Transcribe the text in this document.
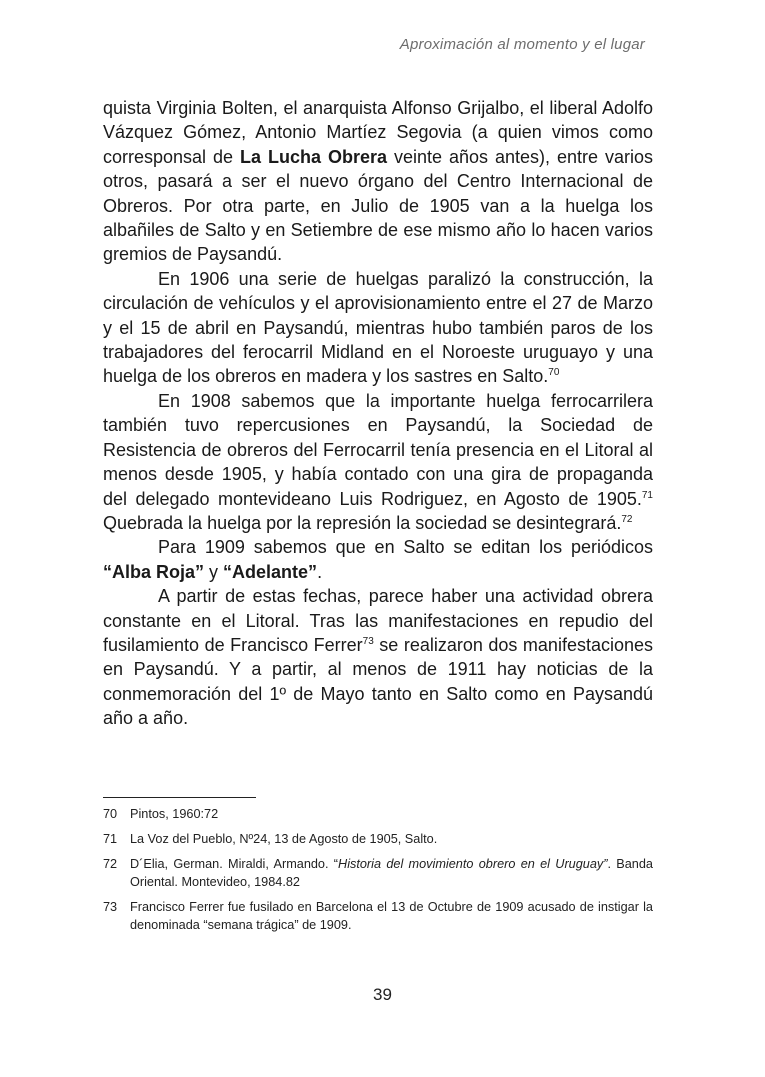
Aproximación al momento y el lugar

quista Virginia Bolten, el anarquista Alfonso Grijalbo, el liberal Adolfo Vázquez Gómez, Antonio Martíez Segovia (a quien vimos como corresponsal de La Lucha Obrera veinte años antes), entre varios otros, pasará a ser el nuevo órgano del Centro Internacional de Obreros. Por otra parte, en Julio de 1905 van a la huelga los albañiles de Salto y en Setiembre de ese mismo año lo hacen varios gremios de Paysandú.

En 1906 una serie de huelgas paralizó la construcción, la circulación de vehículos y el aprovisionamiento entre el 27 de Marzo y el 15 de abril en Paysandú, mientras hubo también paros de los trabajadores del ferocarril Midland en el Noroeste uruguayo y una huelga de los obreros en madera y los sastres en Salto.$^{70}$

En 1908 sabemos que la importante huelga ferrocarrilera también tuvo repercusiones en Paysandú, la Sociedad de Resistencia de obreros del Ferrocarril tenía presencia en el Litoral al menos desde 1905, y había contado con una gira de propaganda del delegado montevideano Luis Rodriguez, en Agosto de 1905.71 Quebrada la huelga por la represión la sociedad se desintegrará.$^{72}$

Para 1909 sabemos que en Salto se editan los periódicos “Alba Roja” y “Adelante”.

A partir de estas fechas, parece haber una actividad obrera constante en el Litoral. Tras las manifestaciones en repudio del fusilamiento de Francisco Ferrer$^{73}$ se realizaron dos manifestaciones en Paysandú. Y a partir, al menos de 1911 hay noticias de la conmemoración del 1º de Mayo tanto en Salto como en Paysandú año a año.

70	Pintos, 1960:72
71	La Voz del Pueblo, Nº24, 13 de Agosto de 1905, Salto.
72	D´Elia, German. Miraldi, Armando. “Historia del movimiento obrero en el Uruguay”. Banda Oriental. Montevideo, 1984.82
73	Francisco Ferrer fue fusilado en Barcelona el 13 de Octubre de 1909 acusado de instigar la denominada “semana trágica” de 1909.
39
